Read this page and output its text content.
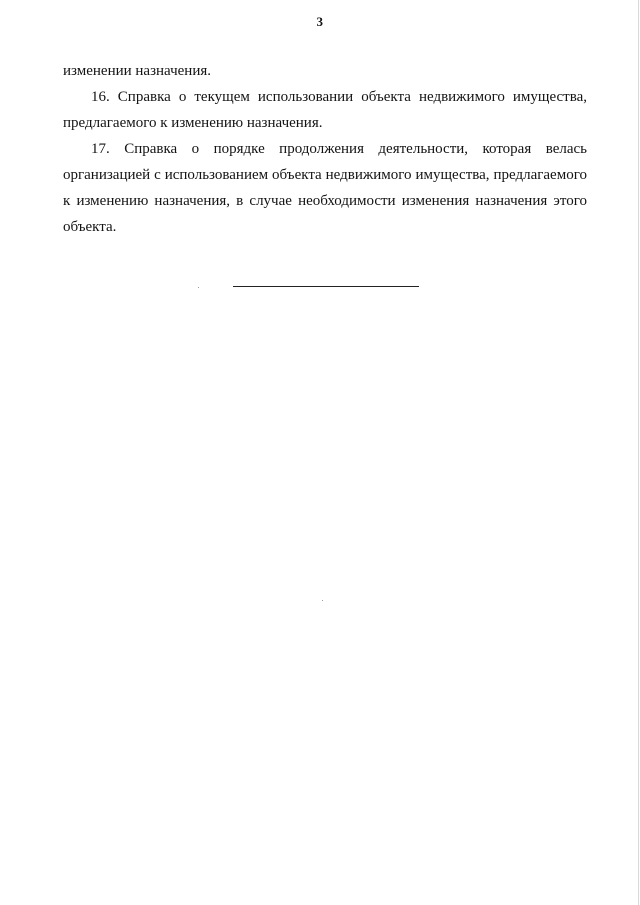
3

изменении назначения.

16. Справка о текущем использовании объекта недвижимого имущества, предлагаемого к изменению назначения.

17. Справка о порядке продолжения деятельности, которая велась организацией с использованием объекта недвижимого имущества, предлагаемого к изменению назначения, в случае необходимости изменения назначения этого объекта.
